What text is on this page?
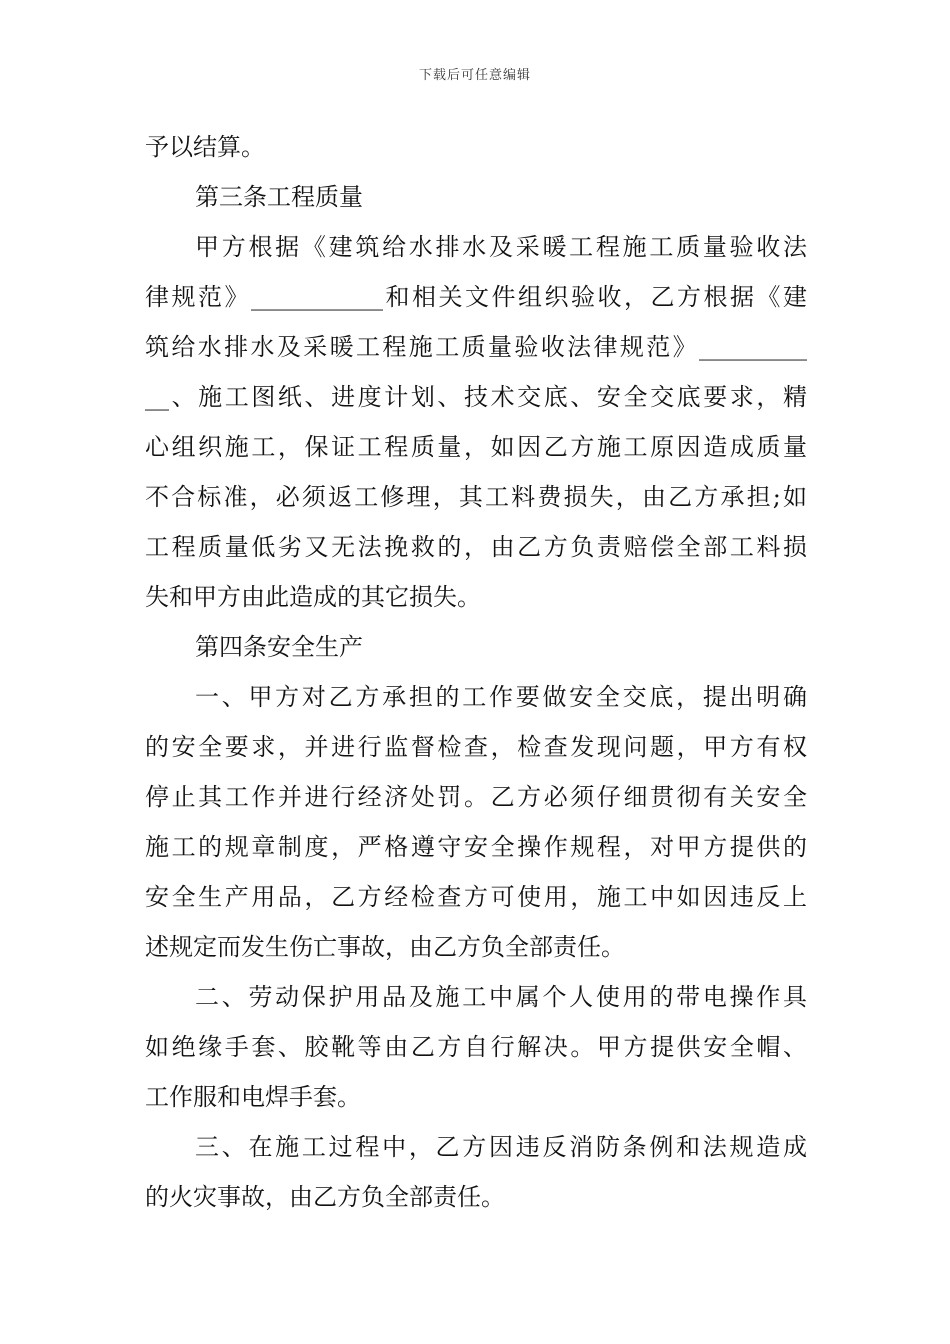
下载后可任意编辑
予以结算。
第三条工程质量
甲方根据《建筑给水排水及采暖工程施工质量验收法
律规范》___________和相关文件组织验收，乙方根据《建
筑给水排水及采暖工程施工质量验收法律规范》_________
__、施工图纸、进度计划、技术交底、安全交底要求，精
心组织施工，保证工程质量，如因乙方施工原因造成质量
不合标准，必须返工修理，其工料费损失，由乙方承担;如
工程质量低劣又无法挽救的，由乙方负责赔偿全部工料损
失和甲方由此造成的其它损失。
第四条安全生产
一、甲方对乙方承担的工作要做安全交底，提出明确
的安全要求，并进行监督检查，检查发现问题，甲方有权
停止其工作并进行经济处罚。乙方必须仔细贯彻有关安全
施工的规章制度，严格遵守安全操作规程，对甲方提供的
安全生产用品，乙方经检查方可使用，施工中如因违反上
述规定而发生伤亡事故，由乙方负全部责任。
二、劳动保护用品及施工中属个人使用的带电操作具
如绝缘手套、胶靴等由乙方自行解决。甲方提供安全帽、
工作服和电焊手套。
三、在施工过程中，乙方因违反消防条例和法规造成
的火灾事故，由乙方负全部责任。
